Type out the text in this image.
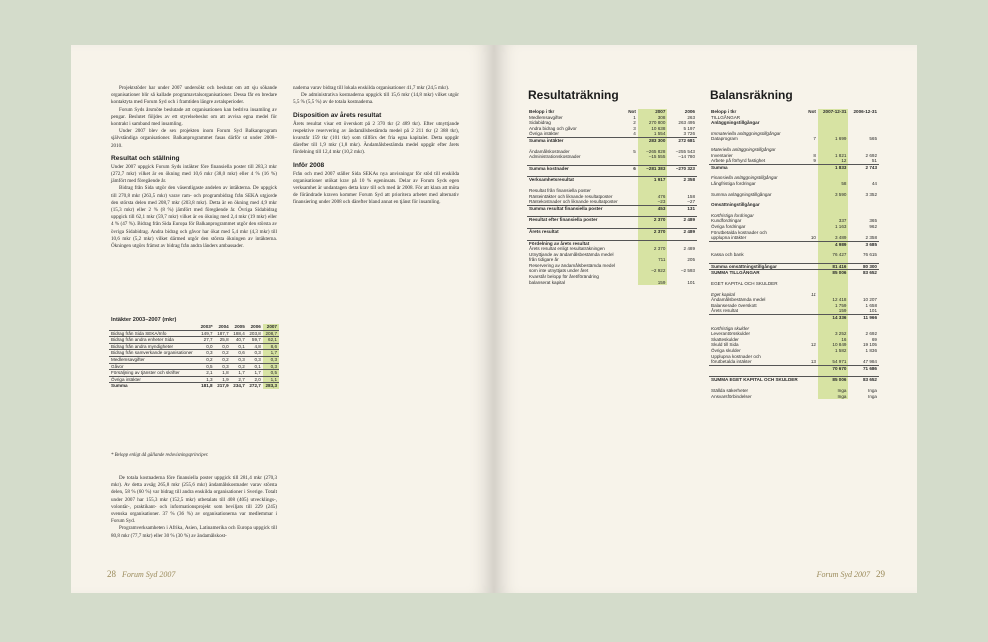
Projektstöder har under 2007 undersökt och beslutat om att sju sökande organisationer blir så kallade programavtalsorganisationer. Dessa får en bredare kontaktyta med Forum Syd och i framtiden längre avtalsperioder.

Forum Syds årsmöte beslutade att organisationen kan bedriva insamling av pengar. Beslutet följdes av ett styrelsebeslut om att avvisa egna medel för kontrakt i samband med insamling.

Under 2007 blev de sex projekten inom Forum Syd Balkanprogram självständiga organisationer. Balkanprogrammet fasas därför ut under 2008–2010.

Resultat och ställning

Under 2007 uppgick Forum Syds intäkter före finansiella poster till 283,3 mkr (272,7 mkr) vilket är en ökning med 10,6 mkr (38,0 mkr) eller 4 % (16 %) jämfört med föregående år.

Bidrag från Sida utgör den väsentligaste andelen av intäkterna. De uppgick till 270,8 mkr (263,5 mkr) varav ram- och programbidrag från SEKA utgjorde den största delen med 208,7 mkr (203,8 mkr). Detta är en ökning med 4,9 mkr (15,3 mkr) eller 2 % (8 %) jämfört med föregående år. Övriga Sidabidrag uppgick till 62,1 mkr (59,7 mkr) vilket är en ökning med 2,4 mkr (19 mkr) eller 4 % (47 %). Bidrag från Sida Europa för Balkanprogrammet utgör den största av övriga Sidabidrag. Andra bidrag och gåvor har ökat med 5,4 mkr (4,3 mkr) till 10,6 mkr (5,2 mkr) vilket därmed utgör den största ökningen av intäkterna. Ökningen utgörs främst av bidrag från andra länders ambassader.

Intäkter 2003–2007 (mkr)
	2003*	2004	2005	2006	2007
Bidrag från Sida SEKA/Info	149,7	187,7	188,4	203,8	208,7
Bidrag från andra enheter Sida	27,7	25,8	40,7	59,7	62,1
Bidrag från andra myndigheter	0,0	0,0	0,1	4,8	8,6
Bidrag från samverkande organisationer	0,3	0,2	0,6	0,3	1,7
Medlemsavgifter	0,2	0,2	0,3	0,3	0,3
Gåvor	0,5	0,3	0,2	0,1	0,3
Försäljning av tjänster och skrifter	2,1	1,8	1,7	1,7	0,5
Övriga intäkter	1,3	1,9	2,7	2,0	1,1
Summa	181,8	217,9	234,7	272,7	283,3
* Belopp enligt då gällande redovisningsprinciper.

De totala kostnaderna före finansiella poster uppgick till 281,4 mkr (270,3 mkr). Av detta avsåg 265,8 mkr (255,6 mkr) ändamålskostnader varav största delen, 58 % (60 %) var bidrag till andra enskilda organisationer i Sverige. Totalt under 2007 har 155,3 mkr (152,5 mkr) utbetalats till 408 (405) utvecklings-, volontär-, praktikant- och informationsprojekt som beviljats till 229 (245) svenska organisationer. 37 % (36 %) av organisationerna var medlemmar i Forum Syd.

Programverksamheten i Afrika, Asien, Latinamerika och Europa uppgick till 80,8 mkr (77,7 mkr) eller 30 % (30 %) av ändamålskost-

naderna varav bidrag till lokala enskilda organisationer 41,7 mkr (24,5 mkr).

De administrativa kostnaderna uppgick till 15,6 mkr (14,8 mkr) vilket utgör 5,5 % (5,5 %) av de totala kostnaderna.

Disposition av årets resultat

Årets resultat visar ett överskott på 2 370 tkr (2 489 tkr). Efter utnyttjande respektive reservering av ändamålsbestämda medel på 2 211 tkr (2 388 tkr), kvarstår 159 tkr (101 tkr) som tillförs det fria egna kapitalet. Detta uppgår därefter till 1,9 mkr (1,8 mkr). Ändamålsbestämda medel uppgår efter årets fördelning till 12,4 mkr (10,2 mkr).

Inför 2008

Från och med 2007 ställer Sida SEKAs nya anvisningar för stöd till enskilda organisationer utökat krav på 10 % egeninsats. Delar av Forum Syds egen verksamhet är undantagen detta krav till och med år 2008. För att klara att möta de förändrade kraven kommer Forum Syd att prioritera arbetet med alternativ finansiering under 2008 och därefter bland annat en tjänst för insamling.

28 Forum Syd 2007
Resultaträkning
Belopp i tkr	Not	2007	2006
Medlemsavgifter	1	308	263
Sidabidrag	2	270 800	263 495
Andra bidrag och gåvor	3	10 638	5 197
Övriga intäkter	4	1 554	3 726
Summa intäkter		283 300	272 681

Ändamålskostnader	5	–265 828	–255 543
Administrationskostnader		–15 555	–14 780

Summa kostnader	6	–281 383	–270 323

Verksamhetsresultat		1 917	2 358

Resultat från finansiella poster			
Ränteintäkter och liknande resultatposter		476	158
Räntekostnader och liknande resultatposter		–23	–27
Summa resultat finansiella poster		453	131

Resultat efter finansiella poster		2 370	2 489

Årets resultat		2 370	2 489

Fördelning av årets resultat			
Årets resultat enligt resultaträkningen		2 370	2 489
Utnyttjande av ändamålsbestämda medel från tidigare år		711	205
Reservering av ändamålsbestämda medel som inte utnyttjats under året		–2 922	–2 593
Kvarstår belopp för året/förändring balanserat kapital		159	101
Balansräkning
Belopp i tkr	Not	2007-12-31	2006-12-31
TILLGÅNGAR			
Anläggningstillgångar			

Immateriella anläggningstillgångar			
Dataprogram	7	1 699	565

Materiella anläggningstillgångar			
Inventarier	8	1 821	2 692
Arbete på förhyrd fastighet	9	12	51
Summa		1 833	2 743

Finansiella anläggningstillgångar			
Långfristiga fordringar		58	44

Summa anläggningstillgångar		3 590	3 352

Omsättningstillgångar			

Kortfristiga fordringar			
Kundfordringar		337	365
Övriga fordringar		1 163	962
Förutbetalda kostnader och			
upplupna intäkter	10	3 489	2 358
		4 989	3 685

Kassa och bank		76 427	76 615

Summa omsättningstillgångar		81 416	80 300
SUMMA TILLGÅNGAR		85 006	83 652

EGET KAPITAL OCH SKULDER			

Eget kapital	11		
Ändamålsbestämda medel		12 418	10 207
Balanserade överskott		1 759	1 658
Årets resultat		159	101
		14 336	11 966

Kortfristiga skulder			
Leverantörsskulder		3 252	2 692
Skatteskulder		16	69
Skuld till Sida	12	10 849	19 105
Övriga skulder		1 582	1 836
Upplupna kostnader och			
förutbetalda intäkter	13	54 971	47 984
		70 670	71 686

SUMMA EGET KAPITAL OCH SKULDER		85 006	83 652

Ställda säkerheter		Inga	Inga
Ansvarsförbindelser		Inga	Inga
Forum Syd 2007 29
